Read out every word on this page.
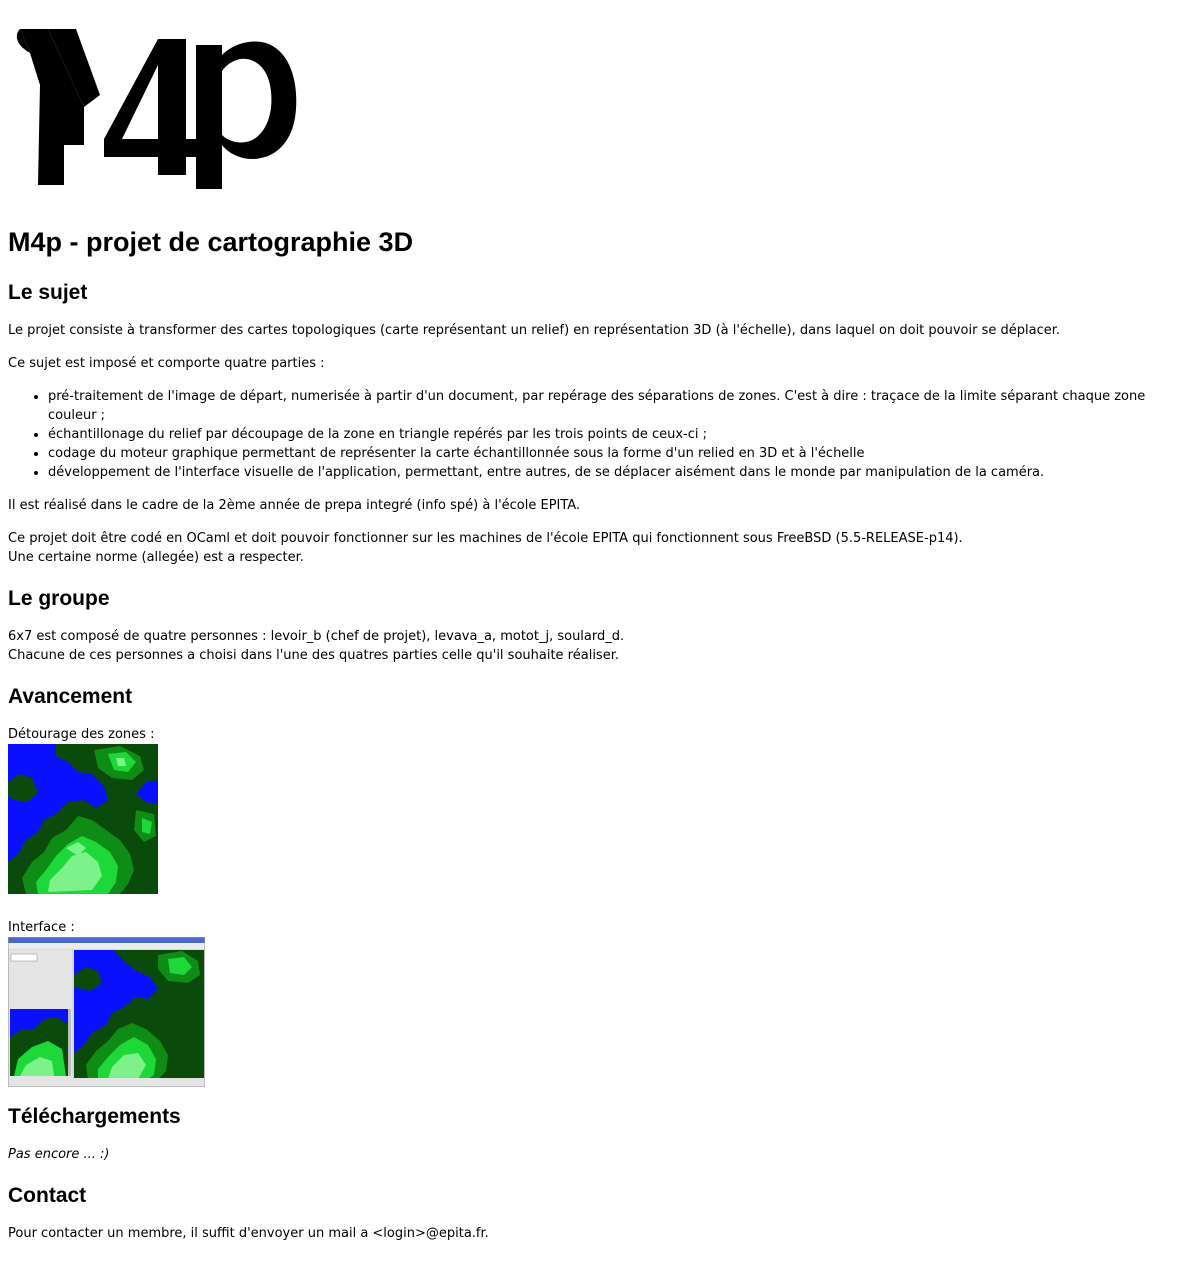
M4p - projet de cartographie 3D
Le sujet

Le projet consiste à transformer des cartes topologiques (carte représentant un relief) en représentation 3D (à l'échelle), dans laquel on doit pouvoir se déplacer.

Ce sujet est imposé et comporte quatre parties :

• pré-traitement de l'image de départ, numerisée à partir d'un document, par repérage des séparations de zones. C'est à dire : traçace de la limite séparant chaque zone couleur ;
• échantillonage du relief par découpage de la zone en triangle repérés par les trois points de ceux-ci ;
• codage du moteur graphique permettant de représenter la carte échantillonnée sous la forme d'un relied en 3D et à l'échelle
• développement de l'interface visuelle de l'application, permettant, entre autres, de se déplacer aisément dans le monde par manipulation de la caméra.

Il est réalisé dans le cadre de la 2ème année de prepa integré (info spé) à l'école EPITA.

Ce projet doit être codé en OCaml et doit pouvoir fonctionner sur les machines de l'école EPITA qui fonctionnent sous FreeBSD (5.5-RELEASE-p14).
Une certaine norme (allegée) est a respecter.

Le groupe

6x7 est composé de quatre personnes : levoir_b (chef de projet), levava_a, motot_j, soulard_d.
Chacune de ces personnes a choisi dans l'une des quatres parties celle qu'il souhaite réaliser.

Avancement

Détourage des zones :

Interface :

Téléchargements

Pas encore ... :)

Contact

Pour contacter un membre, il suffit d'envoyer un mail a <login>@epita.fr.
